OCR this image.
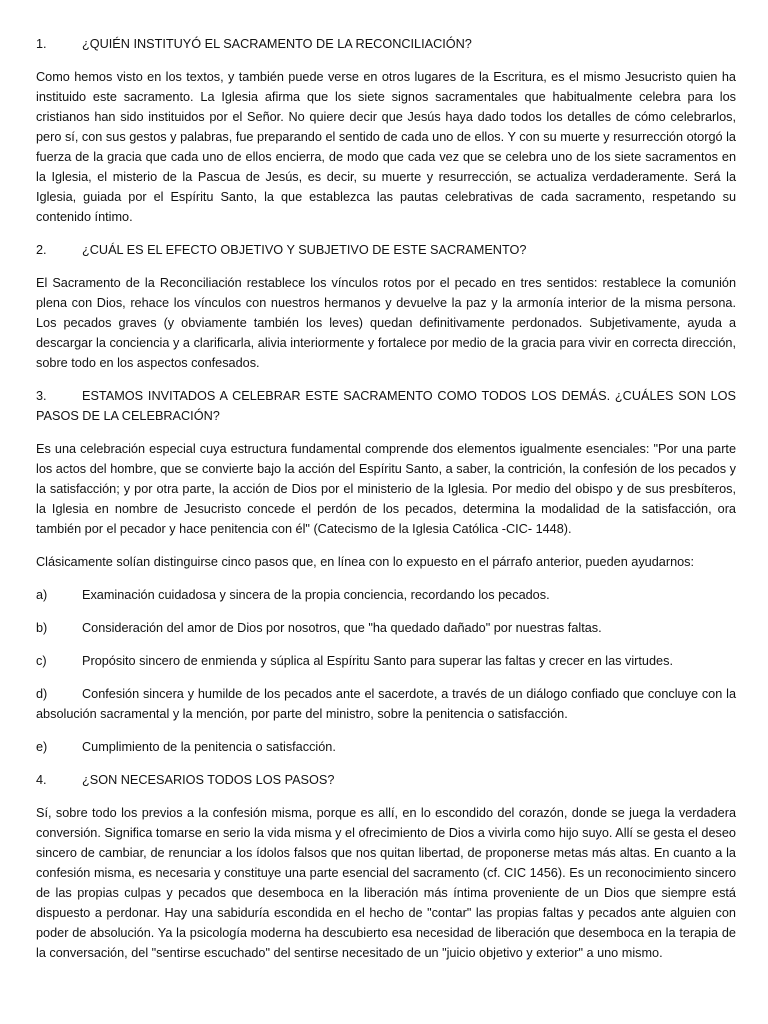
1.	¿QUIÉN INSTITUYÓ EL SACRAMENTO DE LA RECONCILIACIÓN?

Como hemos visto en los textos, y también puede verse en otros lugares de la Escritura, es el mismo Jesucristo quien ha instituido este sacramento. La Iglesia afirma que los siete signos sacramentales que habitualmente celebra para los cristianos han sido instituidos por el Señor. No quiere decir que Jesús haya dado todos los detalles de cómo celebrarlos, pero sí, con sus gestos y palabras, fue preparando el sentido de cada uno de ellos. Y con su muerte y resurrección otorgó la fuerza de la gracia que cada uno de ellos encierra, de modo que cada vez que se celebra uno de los siete sacramentos en la Iglesia, el misterio de la Pascua de Jesús, es decir, su muerte y resurrección, se actualiza verdaderamente. Será la Iglesia, guiada por el Espíritu Santo, la que establezca las pautas celebrativas de cada sacramento, respetando su contenido íntimo.

2.	¿CUÁL ES EL EFECTO OBJETIVO Y SUBJETIVO DE ESTE SACRAMENTO?

El Sacramento de la Reconciliación restablece los vínculos rotos por el pecado en tres sentidos: restablece la comunión plena con Dios, rehace los vínculos con nuestros hermanos y devuelve la paz y la armonía interior de la misma persona. Los pecados graves (y obviamente también los leves) quedan definitivamente perdonados. Subjetivamente, ayuda a descargar la conciencia y a clarificarla, alivia interiormente y fortalece por medio de la gracia para vivir en correcta dirección, sobre todo en los aspectos confesados.

3.	ESTAMOS INVITADOS A CELEBRAR ESTE SACRAMENTO COMO TODOS LOS DEMÁS. ¿CUÁLES SON LOS PASOS DE LA CELEBRACIÓN?

Es una celebración especial cuya estructura fundamental comprende dos elementos igualmente esenciales: "Por una parte los actos del hombre, que se convierte bajo la acción del Espíritu Santo, a saber, la contrición, la confesión de los pecados y la satisfacción; y por otra parte, la acción de Dios por el ministerio de la Iglesia. Por medio del obispo y de sus presbíteros, la Iglesia en nombre de Jesucristo concede el perdón de los pecados, determina la modalidad de la satisfacción, ora también por el pecador y hace penitencia con él" (Catecismo de la Iglesia Católica -CIC- 1448).

Clásicamente solían distinguirse cinco pasos que, en línea con lo expuesto en el párrafo anterior, pueden ayudarnos:

a)	Examinación cuidadosa y sincera de la propia conciencia, recordando los pecados.
b)	Consideración del amor de Dios por nosotros, que "ha quedado dañado" por nuestras faltas.
c)	Propósito sincero de enmienda y súplica al Espíritu Santo para superar las faltas y crecer en las virtudes.
d)	Confesión sincera y humilde de los pecados ante el sacerdote, a través de un diálogo confiado que concluye con la absolución sacramental y la mención, por parte del ministro, sobre la penitencia o satisfacción.
e)	Cumplimiento de la penitencia o satisfacción.
4.	¿SON NECESARIOS TODOS LOS PASOS?

Sí, sobre todo los previos a la confesión misma, porque es allí, en lo escondido del corazón, donde se juega la verdadera conversión. Significa tomarse en serio la vida misma y el ofrecimiento de Dios a vivirla como hijo suyo. Allí se gesta el deseo sincero de cambiar, de renunciar a los ídolos falsos que nos quitan libertad, de proponerse metas más altas. En cuanto a la confesión misma, es necesaria y constituye una parte esencial del sacramento (cf. CIC 1456). Es un reconocimiento sincero de las propias culpas y pecados que desemboca en la liberación más íntima proveniente de un Dios que siempre está dispuesto a perdonar. Hay una sabiduría escondida en el hecho de "contar" las propias faltas y pecados ante alguien con poder de absolución. Ya la psicología moderna ha descubierto esa necesidad de liberación que desemboca en la terapia de la conversación, del "sentirse escuchado" del sentirse necesitado de un "juicio objetivo y exterior" a uno mismo.
